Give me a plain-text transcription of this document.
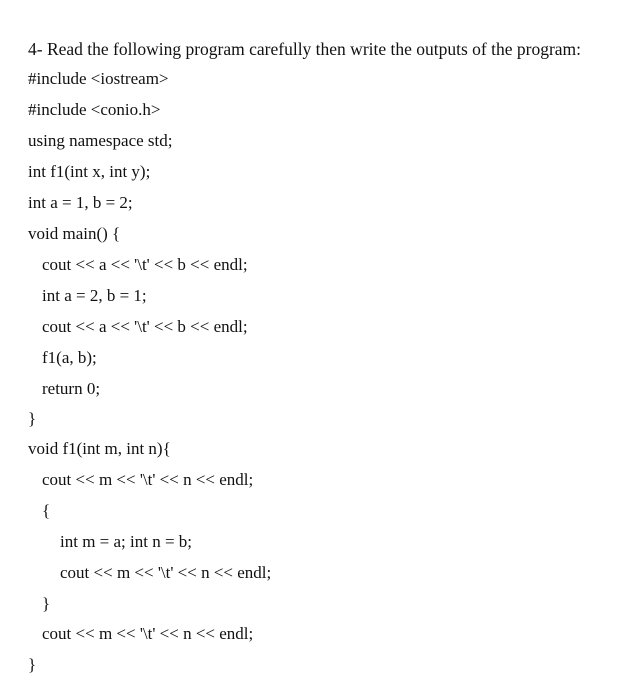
4- Read the following program carefully then write the outputs of the program:
#include <iostream>
#include <conio.h>
using namespace std;
int f1(int x, int y);
int a = 1, b = 2;
void main() {
cout << a << '\t' << b << endl;
int a = 2, b = 1;
cout << a << '\t' << b << endl;
f1(a, b);
return 0;
}
void f1(int m, int n){
cout << m << '\t' << n << endl;
{
int m = a; int n = b;
cout << m << '\t' << n << endl;
}
cout << m << '\t' << n << endl;
}
